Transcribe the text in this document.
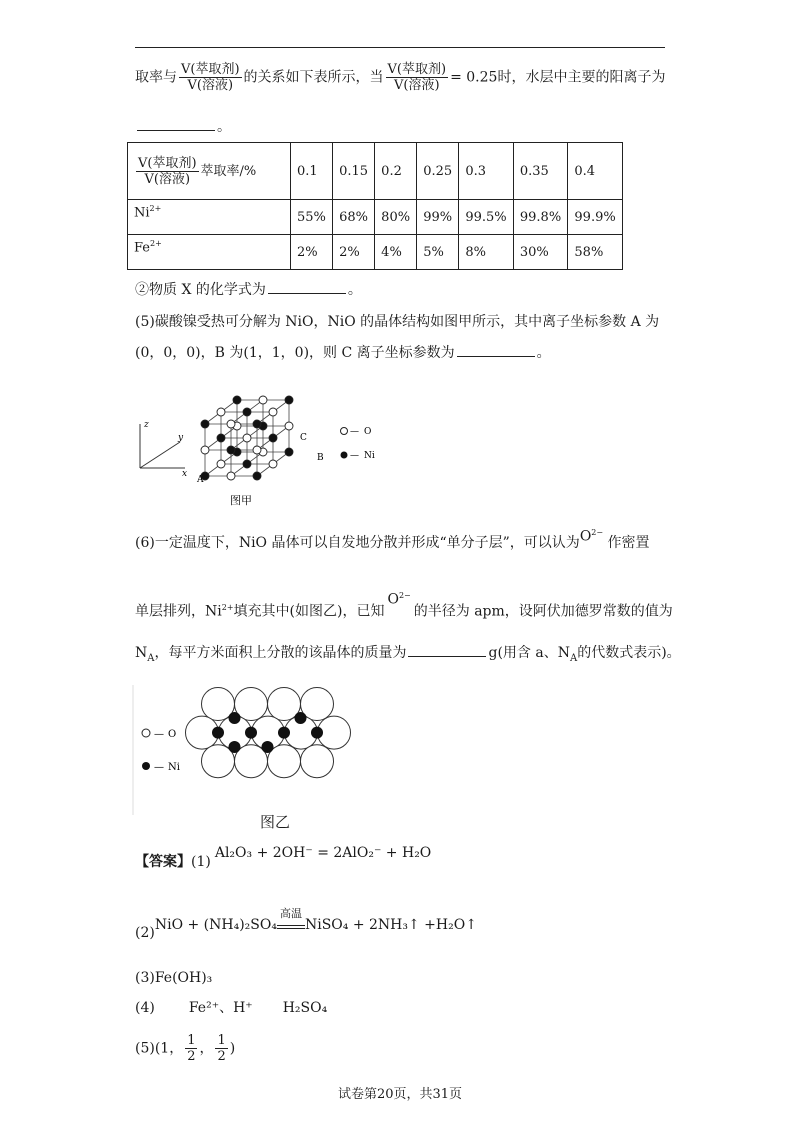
取率与 $\frac{\text{V(萃取剂)}}{\text{V(溶液)}}$ 的关系如下表所示，当 $\frac{\text{V(萃取剂)}}{\text{V(溶液)}} = 0.25$时，水层中主要的阳离子为
。
$\frac{\text{V(萃取剂)}}{\text{V(溶液)}}$ 萃取率/%	0.1	0.15	0.2	0.25	0.3	0.35	0.4
$Ni^{2+}$	55%	68%	80%	99%	99.5%	99.8%	99.9%
$Fe^{2+}$	2%	2%	4%	5%	8%	30%	58%
②物质 X 的化学式为	。
(5)碳酸镍受热可分解为 NiO，NiO 的晶体结构如图甲所示，其中离子坐标参数 A 为
(0，0，0)，B 为(1，1，0)，则 C 离子坐标参数为	。
z
y
x
A
B
C
图甲
— O
— Ni
(6)一定温度下，NiO 晶体可以自发地分散并形成“单分子层”，可以认为$O^{2-}$ 作密置
单层排列，$Ni^{2+}$填充其中(如图乙)，已知$O^{2-}$的半径为 apm，设阿伏加德罗常数的值为
$N_A$，每平方米面积上分散的该晶体的质量为	g(用含 a、$N_A$的代数式表示)。
— O
— Ni
图乙
【答案】(1)Al₂O₃ + 2OH⁻ = 2AlO₂⁻ + H₂O
(2)NiO + (NH₄)₂SO₄
高温
NiSO₄ + 2NH₃↑ +H₂O↑
(3)Fe(OH)₃
(4) Fe²⁺、H⁺ H₂SO₄
(5)(1， $\frac{1}{2}$ ， $\frac{1}{2}$ )
试卷第20页，共31页
